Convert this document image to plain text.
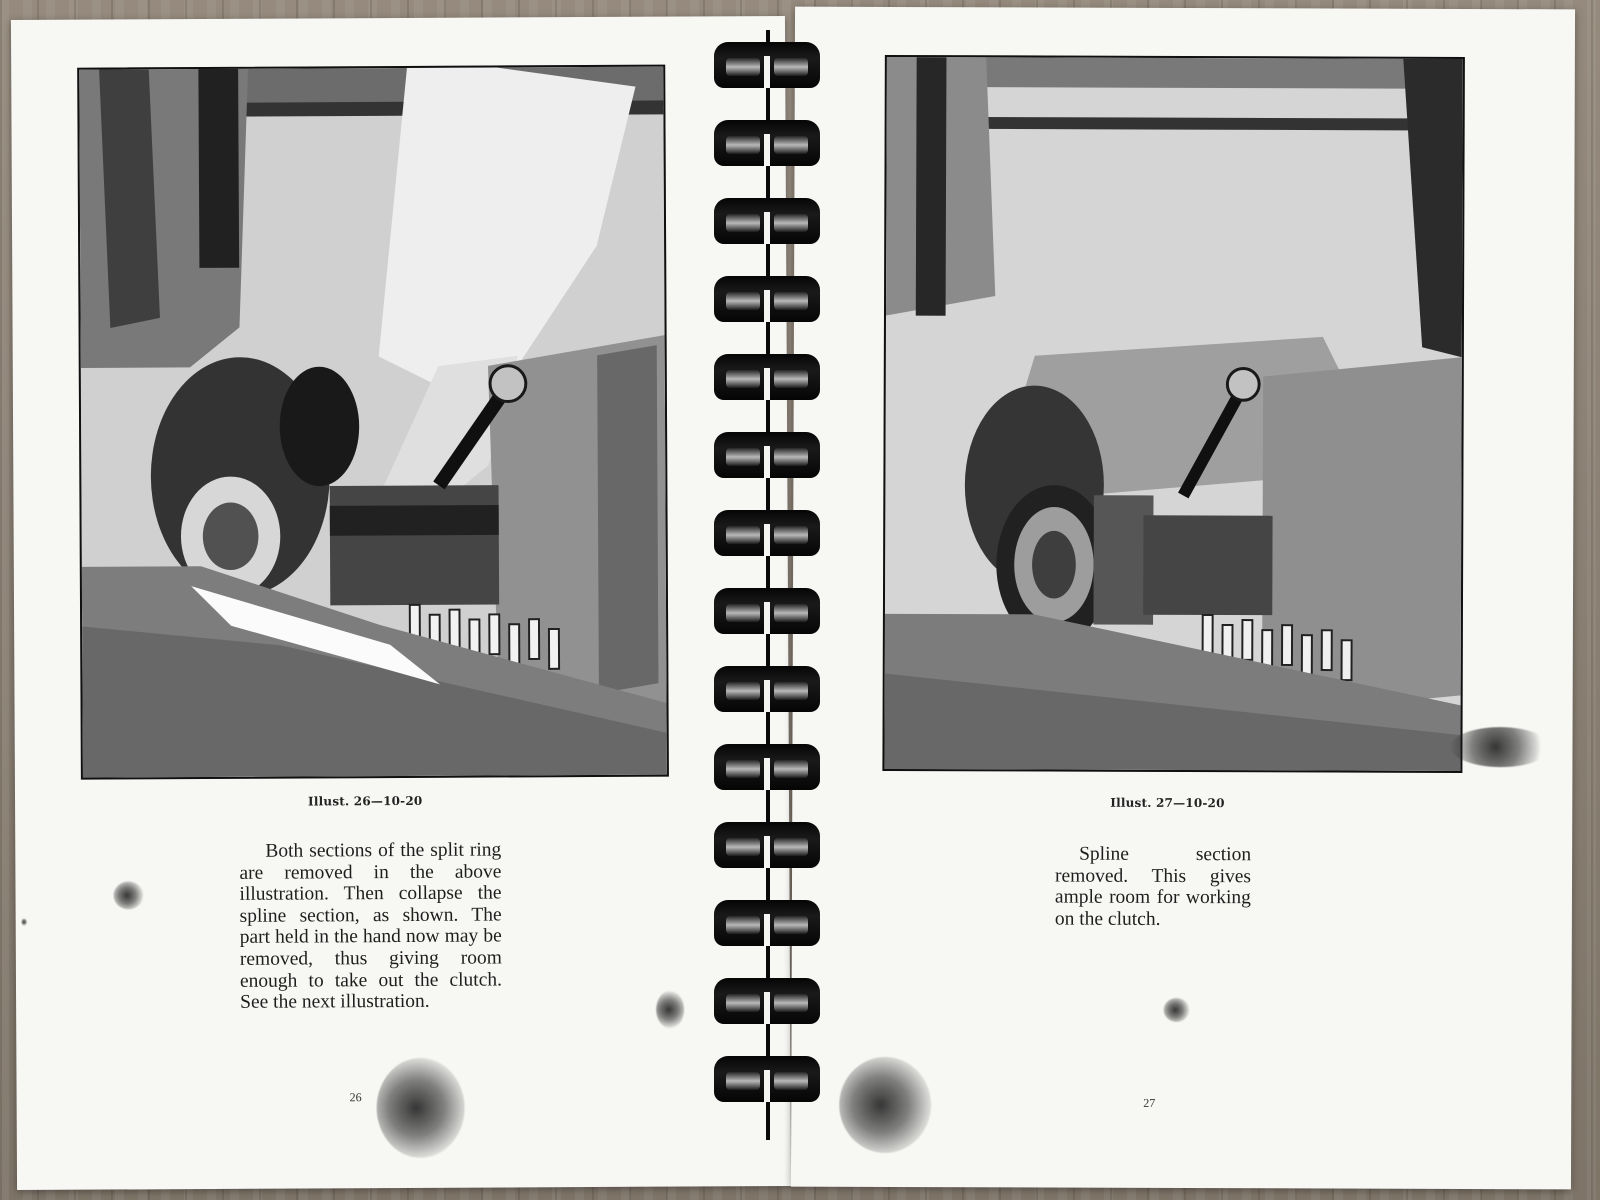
Illust. 26—10-20
​	Both sections of the split ring are removed in the above illustration. Then collapse the spline section, as shown. The part held in the hand now may be removed, thus giving room enough to take out the clutch. See the next illustration.

26
Illust. 27—10-20
​

Spline section removed. This gives ample room for working on the clutch.

27
